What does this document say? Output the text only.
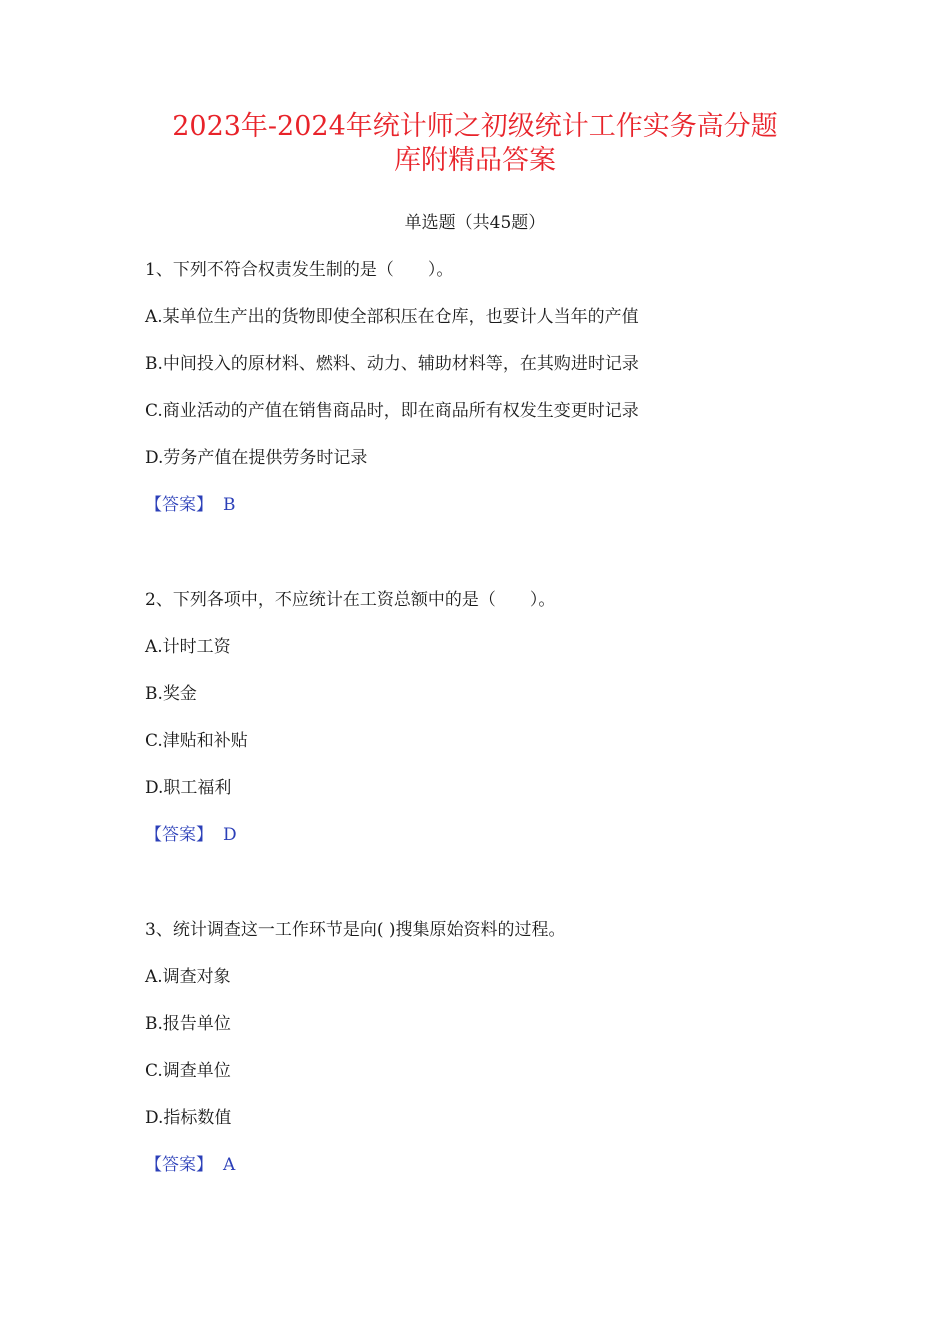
2023年-2024年统计师之初级统计工作实务高分题
库附精品答案
单选题（共45题）
1、下列不符合权责发生制的是（　　）。
A.某单位生产出的货物即使全部积压在仓库，也要计人当年的产值
B.中间投入的原材料、燃料、动力、辅助材料等，在其购进时记录
C.商业活动的产值在销售商品时，即在商品所有权发生变更时记录
D.劳务产值在提供劳务时记录
【答案】 B
2、下列各项中，不应统计在工资总额中的是（　　）。
A.计时工资
B.奖金
C.津贴和补贴
D.职工福利
【答案】 D
3、统计调查这一工作环节是向( )搜集原始资料的过程。
A.调查对象
B.报告单位
C.调查单位
D.指标数值
【答案】 A
